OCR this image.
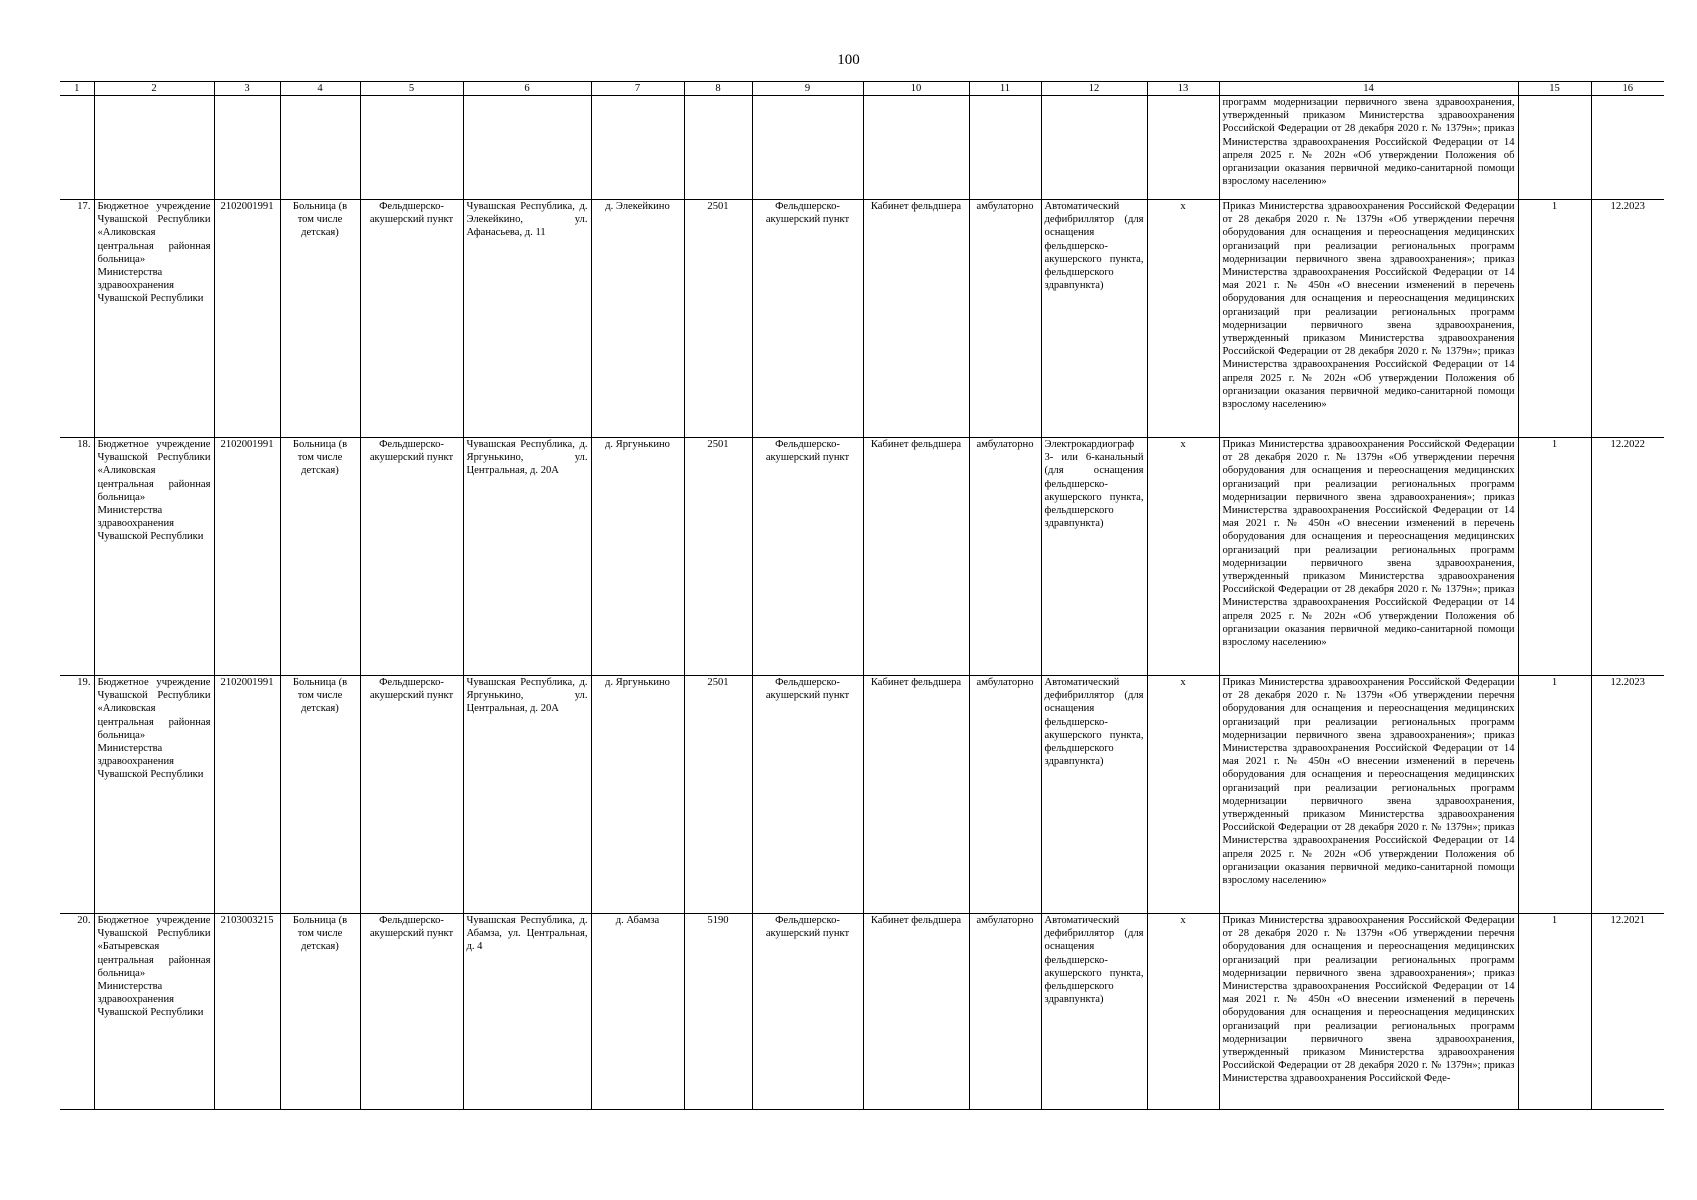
100
1	2	3	4	5	6	7	8	9	10	11	12	13	14	15	16
													программ модернизации первичного звена здравоохранения, утвержденный приказом Министерства здравоохранения Российской Федерации от 28 декабря 2020 г. № 1379н»; приказ Министерства здравоохранения Российской Федерации от 14 апреля 2025 г. № 202н «Об утверждении Положения об организации оказания первичной медико-санитарной помощи взрослому населению»		
17.	Бюджетное учреждение Чувашской Республики «Аликовская центральная районная больница» Министерства здравоохранения Чувашской Республики	2102001991	Больница (в том числе детская)	Фельдшерско-акушерский пункт	Чувашская Республика, д. Элекейкино, ул. Афанасьева, д. 11	д. Элекейкино	2501	Фельдшерско-акушерский пункт	Кабинет фельдшера	амбулаторно	Автоматический дефибриллятор (для оснащения фельдшерско-акушерского пункта, фельдшерского здравпункта)	x	Приказ Министерства здравоохранения Российской Федерации от 28 декабря 2020 г. № 1379н «Об утверждении перечня оборудования для оснащения и переоснащения медицинских организаций при реализации региональных программ модернизации первичного звена здравоохранения»; приказ Министерства здравоохранения Российской Федерации от 14 мая 2021 г. № 450н «О внесении изменений в перечень оборудования для оснащения и переоснащения медицинских организаций при реализации региональных программ модернизации первичного звена здравоохранения, утвержденный приказом Министерства здравоохранения Российской Федерации от 28 декабря 2020 г. № 1379н»; приказ Министерства здравоохранения Российской Федерации от 14 апреля 2025 г. № 202н «Об утверждении Положения об организации оказания первичной медико-санитарной помощи взрослому населению»	1	12.2023
18.	Бюджетное учреждение Чувашской Республики «Аликовская центральная районная больница» Министерства здравоохранения Чувашской Республики	2102001991	Больница (в том числе детская)	Фельдшерско-акушерский пункт	Чувашская Республика, д. Яргунькино, ул. Центральная, д. 20А	д. Яргунькино	2501	Фельдшерско-акушерский пункт	Кабинет фельдшера	амбулаторно	Электрокардиограф 3- или 6-канальный (для оснащения фельдшерско-акушерского пункта, фельдшерского здравпункта)	x	Приказ Министерства здравоохранения Российской Федерации от 28 декабря 2020 г. № 1379н «Об утверждении перечня оборудования для оснащения и переоснащения медицинских организаций при реализации региональных программ модернизации первичного звена здравоохранения»; приказ Министерства здравоохранения Российской Федерации от 14 мая 2021 г. № 450н «О внесении изменений в перечень оборудования для оснащения и переоснащения медицинских организаций при реализации региональных программ модернизации первичного звена здравоохранения, утвержденный приказом Министерства здравоохранения Российской Федерации от 28 декабря 2020 г. № 1379н»; приказ Министерства здравоохранения Российской Федерации от 14 апреля 2025 г. № 202н «Об утверждении Положения об организации оказания первичной медико-санитарной помощи взрослому населению»	1	12.2022
19.	Бюджетное учреждение Чувашской Республики «Аликовская центральная районная больница» Министерства здравоохранения Чувашской Республики	2102001991	Больница (в том числе детская)	Фельдшерско-акушерский пункт	Чувашская Республика, д. Яргунькино, ул. Центральная, д. 20А	д. Яргунькино	2501	Фельдшерско-акушерский пункт	Кабинет фельдшера	амбулаторно	Автоматический дефибриллятор (для оснащения фельдшерско-акушерского пункта, фельдшерского здравпункта)	x	Приказ Министерства здравоохранения Российской Федерации от 28 декабря 2020 г. № 1379н «Об утверждении перечня оборудования для оснащения и переоснащения медицинских организаций при реализации региональных программ модернизации первичного звена здравоохранения»; приказ Министерства здравоохранения Российской Федерации от 14 мая 2021 г. № 450н «О внесении изменений в перечень оборудования для оснащения и переоснащения медицинских организаций при реализации региональных программ модернизации первичного звена здравоохранения, утвержденный приказом Министерства здравоохранения Российской Федерации от 28 декабря 2020 г. № 1379н»; приказ Министерства здравоохранения Российской Федерации от 14 апреля 2025 г. № 202н «Об утверждении Положения об организации оказания первичной медико-санитарной помощи взрослому населению»	1	12.2023
20.	Бюджетное учреждение Чувашской Республики «Батыревская центральная районная больница» Министерства здравоохранения Чувашской Республики	2103003215	Больница (в том числе детская)	Фельдшерско-акушерский пункт	Чувашская Республика, д. Абамза, ул. Центральная, д. 4	д. Абамза	5190	Фельдшерско-акушерский пункт	Кабинет фельдшера	амбулаторно	Автоматический дефибриллятор (для оснащения фельдшерско-акушерского пункта, фельдшерского здравпункта)	x	Приказ Министерства здравоохранения Российской Федерации от 28 декабря 2020 г. № 1379н «Об утверждении перечня оборудования для оснащения и переоснащения медицинских организаций при реализации региональных программ модернизации первичного звена здравоохранения»; приказ Министерства здравоохранения Российской Федерации от 14 мая 2021 г. № 450н «О внесении изменений в перечень оборудования для оснащения и переоснащения медицинских организаций при реализации региональных программ модернизации первичного звена здравоохранения, утвержденный приказом Министерства здравоохранения Российской Федерации от 28 декабря 2020 г. № 1379н»; приказ Министерства здравоохранения Российской Феде-	1	12.2021
